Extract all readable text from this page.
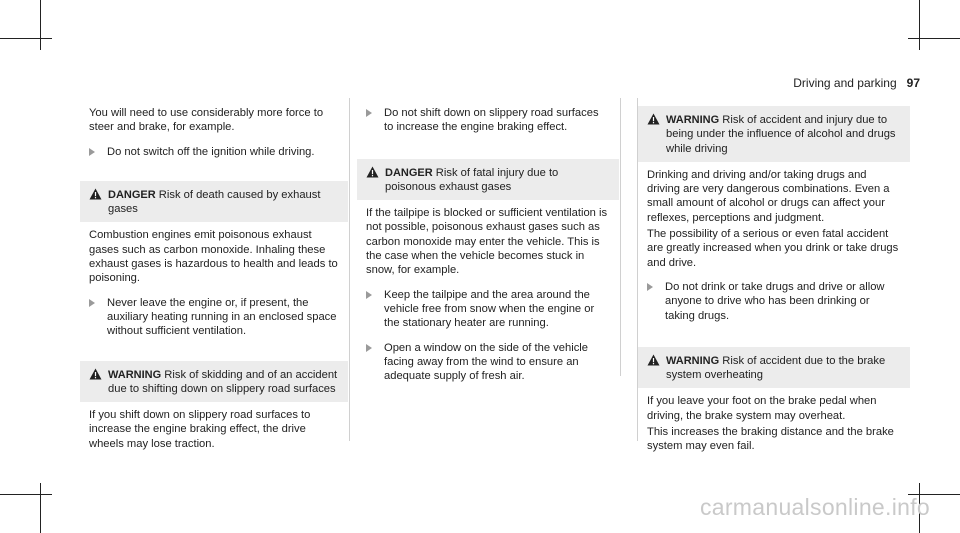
Driving and parking 97

You will need to use considerably more force to steer and brake, for example.

Do not switch off the ignition while driving.

DANGER Risk of death caused by exhaust gases

Combustion engines emit poisonous exhaust gases such as carbon monoxide. Inhaling these exhaust gases is hazardous to health and leads to poisoning.

Never leave the engine or, if present, the auxiliary heating running in an enclosed space without sufficient ventilation.

WARNING Risk of skidding and of an accident due to shifting down on slippery road surfaces

If you shift down on slippery road surfaces to increase the engine braking effect, the drive wheels may lose traction.

Do not shift down on slippery road surfaces to increase the engine braking effect.

DANGER Risk of fatal injury due to poisonous exhaust gases

If the tailpipe is blocked or sufficient ventilation is not possible, poisonous exhaust gases such as carbon monoxide may enter the vehicle. This is the case when the vehicle becomes stuck in snow, for example.

Keep the tailpipe and the area around the vehicle free from snow when the engine or the stationary heater are running.

Open a window on the side of the vehicle facing away from the wind to ensure an adequate supply of fresh air.

WARNING Risk of accident and injury due to being under the influence of alcohol and drugs while driving

Drinking and driving and/or taking drugs and driving are very dangerous combinations. Even a small amount of alcohol or drugs can affect your reflexes, perceptions and judgment.

The possibility of a serious or even fatal accident are greatly increased when you drink or take drugs and drive.

Do not drink or take drugs and drive or allow anyone to drive who has been drinking or taking drugs.

WARNING Risk of accident due to the brake system overheating

If you leave your foot on the brake pedal when driving, the brake system may overheat.

This increases the braking distance and the brake system may even fail.

carmanualsonline.info
